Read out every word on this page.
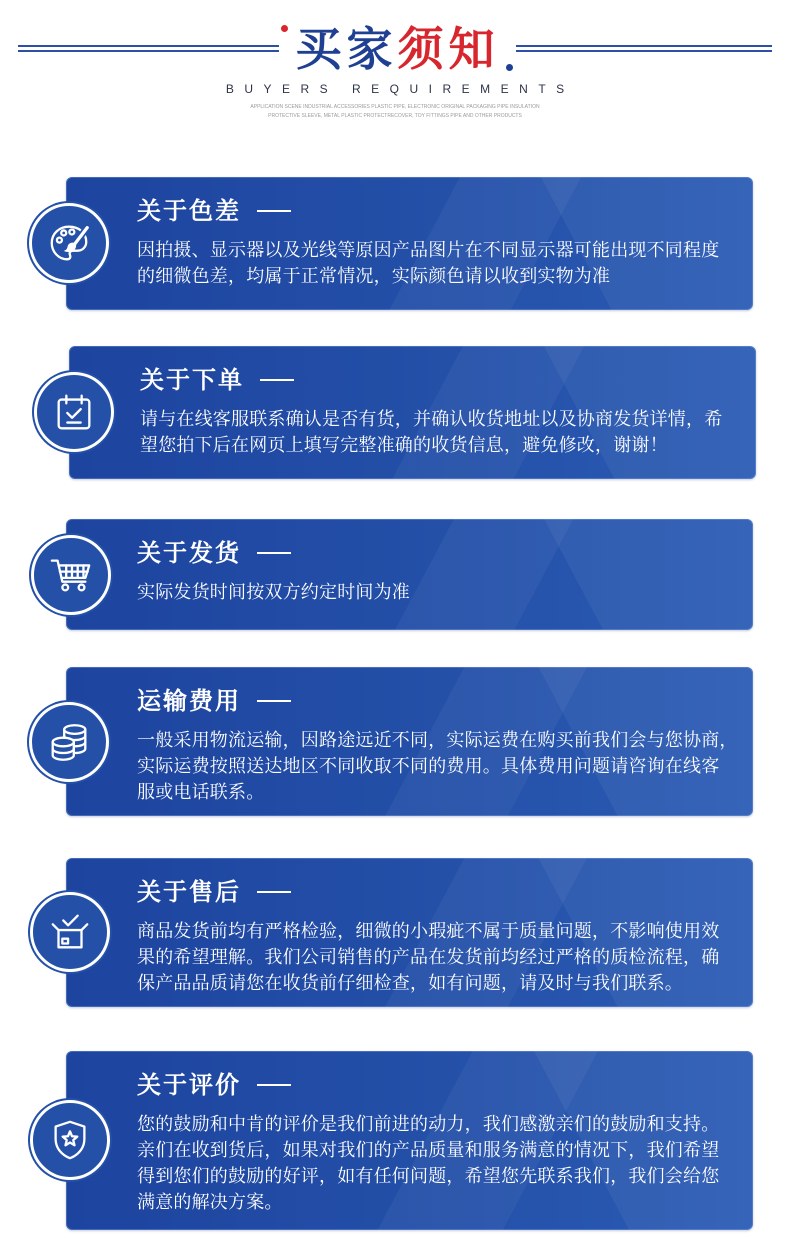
买家须知
BUYERS REQUIREMENTS
APPLICATION SCENE INDUSTRIAL ACCESSORIES PLASTIC PIPE, ELECTRONIC ORIGINAL PACKAGING PIPE INSULATION
PROTECTIVE SLEEVE, METAL PLASTIC PROTECTRECOVER, TOY FITTINGS PIPE AND OTHER PRODUCTS
关于色差
因拍摄、显示器以及光线等原因产品图片在不同显示器可能出现不同程度
的细微色差，均属于正常情况，实际颜色请以收到实物为准
关于下单
请与在线客服联系确认是否有货，并确认收货地址以及协商发货详情，希
望您拍下后在网页上填写完整准确的收货信息，避免修改，谢谢！
关于发货
实际发货时间按双方约定时间为准
运输费用
一般采用物流运输，因路途远近不同，实际运费在购买前我们会与您协商，
实际运费按照送达地区不同收取不同的费用。具体费用问题请咨询在线客
服或电话联系。
关于售后
商品发货前均有严格检验，细微的小瑕疵不属于质量问题，不影响使用效
果的希望理解。我们公司销售的产品在发货前均经过严格的质检流程，确
保产品品质请您在收货前仔细检查，如有问题，请及时与我们联系。
关于评价
您的鼓励和中肯的评价是我们前进的动力，我们感激亲们的鼓励和支持。
亲们在收到货后，如果对我们的产品质量和服务满意的情况下，我们希望
得到您们的鼓励的好评，如有任何问题，希望您先联系我们，我们会给您
满意的解决方案。
